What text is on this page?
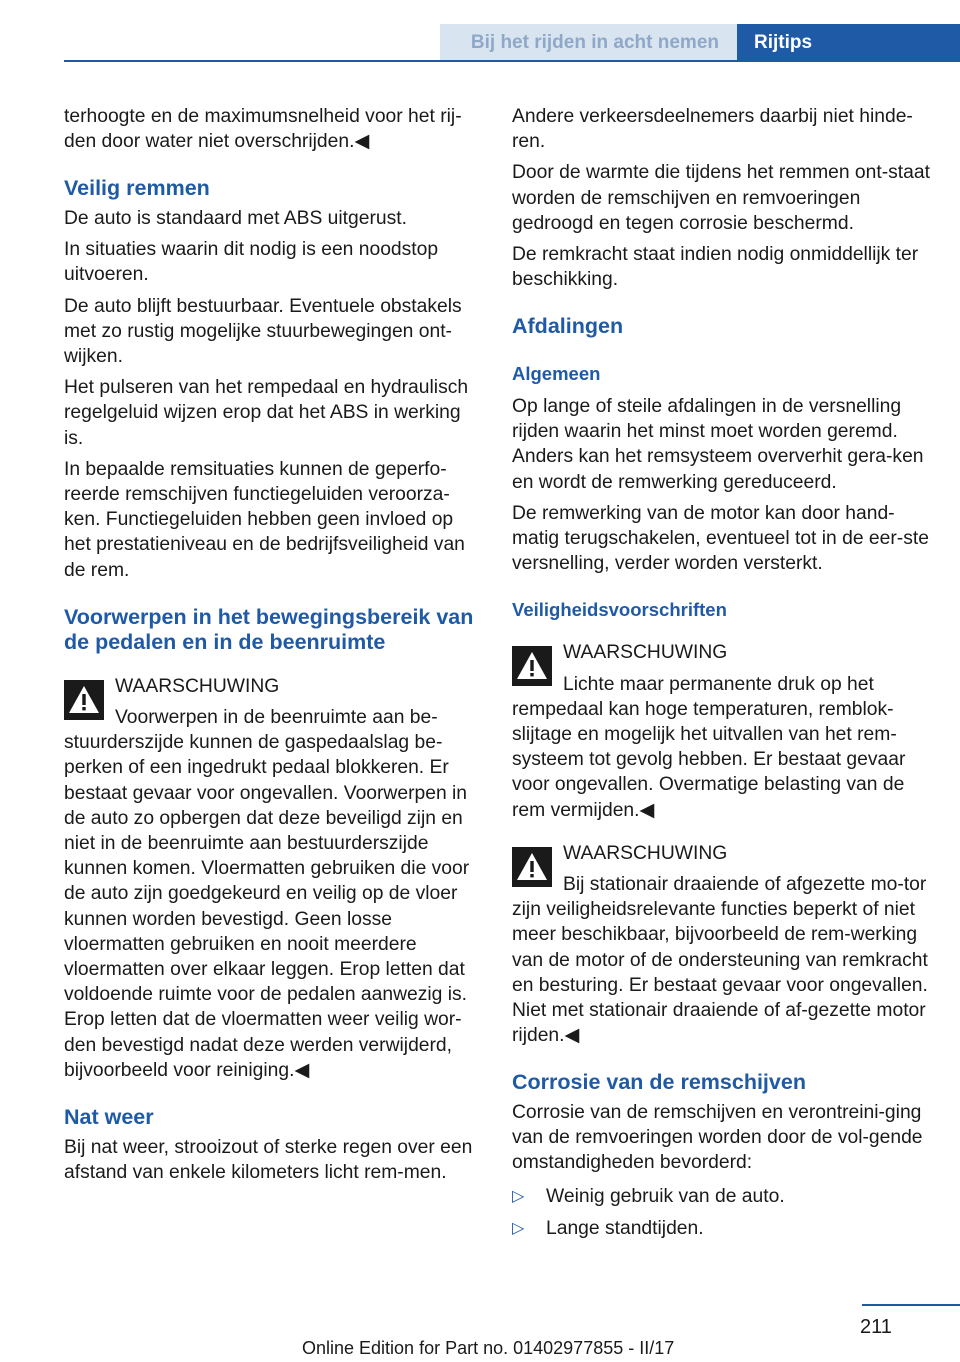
Bij het rijden in acht nemen Rijtips

terhoogte en de maximumsnelheid voor het rij‐den door water niet overschrijden.◀

Veilig remmen

De auto is standaard met ABS uitgerust.

In situaties waarin dit nodig is een noodstop uitvoeren.

De auto blijft bestuurbaar. Eventuele obstakels met zo rustig mogelijke stuurbewegingen ont‐wijken.

Het pulseren van het rempedaal en hydraulisch regelgeluid wijzen erop dat het ABS in werking is.

In bepaalde remsituaties kunnen de geperfo‐reerde remschijven functiegeluiden veroorza‐ken. Functiegeluiden hebben geen invloed op het prestatieniveau en de bedrijfsveiligheid van de rem.

Voorwerpen in het bewegingsbereik van de pedalen en in de beenruimte
WAARSCHUWING

Voorwerpen in de beenruimte aan be‐stuurderszijde kunnen de gaspedaalslag be‐perken of een ingedrukt pedaal blokkeren. Er bestaat gevaar voor ongevallen. Voorwerpen in de auto zo opbergen dat deze beveiligd zijn en niet in de beenruimte aan bestuurderszijde kunnen komen. Vloermatten gebruiken die voor de auto zijn goedgekeurd en veilig op de vloer kunnen worden bevestigd. Geen losse vloermatten gebruiken en nooit meerdere vloermatten over elkaar leggen. Erop letten dat voldoende ruimte voor de pedalen aanwezig is. Erop letten dat de vloermatten weer veilig wor‐den bevestigd nadat deze werden verwijderd, bijvoorbeeld voor reiniging.◀

Nat weer

Bij nat weer, strooizout of sterke regen over een afstand van enkele kilometers licht rem‐men.

Andere verkeersdeelnemers daarbij niet hinde‐ren.

Door de warmte die tijdens het remmen ont‐staat worden de remschijven en remvoeringen gedroogd en tegen corrosie beschermd.

De remkracht staat indien nodig onmiddellijk ter beschikking.

Afdalingen
Algemeen

Op lange of steile afdalingen in de versnelling rijden waarin het minst moet worden geremd. Anders kan het remsysteem oververhit gera‐ken en wordt de remwerking gereduceerd.

De remwerking van de motor kan door hand‐matig terugschakelen, eventueel tot in de eer‐ste versnelling, verder worden versterkt.

Veiligheidsvoorschriften
WAARSCHUWING

Lichte maar permanente druk op het rempedaal kan hoge temperaturen, remblok‐slijtage en mogelijk het uitvallen van het rem‐systeem tot gevolg hebben. Er bestaat gevaar voor ongevallen. Overmatige belasting van de rem vermijden.◀

WAARSCHUWING

Bij stationair draaiende of afgezette mo‐tor zijn veiligheidsrelevante functies beperkt of niet meer beschikbaar, bijvoorbeeld de rem‐werking van de motor of de ondersteuning van remkracht en besturing. Er bestaat gevaar voor ongevallen. Niet met stationair draaiende of af‐gezette motor rijden.◀

Corrosie van de remschijven

Corrosie van de remschijven en verontreini‐ging van de remvoeringen worden door de vol‐gende omstandigheden bevorderd:

▷ Weinig gebruik van de auto.
▷ Lange standtijden.
211
Online Edition for Part no. 01402977855 - II/17
